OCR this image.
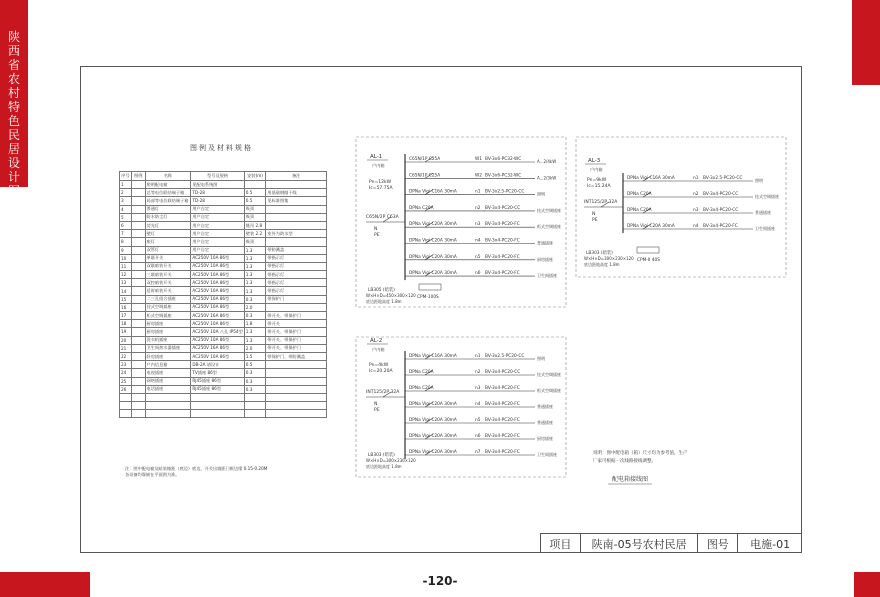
陕西省农村特色民居设计图集
-120-
图例及材料规格
序号	图例	名称	型号及规格	安装(m)	备注
1		照明配电箱	见配电系统图		
2		总等电位联结端子箱	TD-28	0.5	用基础钢做干线
3		局部等电位联结端子箱	TD-28	0.5	见标准图集
4		普通灯	用户自定	吸顶	
5		防水防尘灯	用户自定	吸顶	
6		荧光灯	用户自定	链吊 2.8	
7		壁灯	用户自定	壁装 2.2	室外为防水型
8		座灯	用户自定	吸顶	
9		双管灯	用户自定	1.3	带防溅盖
10		单联开关	AC250V 10A 86型	1.3	带指示灯
11		双联暗装开关	AC250V 10A 86型	1.3	带指示灯
12		三联暗装开关	AC250V 10A 86型	1.3	带指示灯
13		双控暗装开关	AC250V 10A 86型	1.3	带指示灯
14		延时暗装开关	AC250V 10A 86型	1.3	带指示灯
15		二三孔组合插座	AC250V 10A 86型	0.3	带保护门
16		挂式空调插座	AC250V 10A 86型	2.0	
17		柜式空调插座	AC250V 16A 86型	0.3	带开关、带保护门
18		厨房插座	AC250V 10A 86型	1.8	带开关
19		厨房插座	AC250V 10A 八孔 IP54型	1.3	带开关、带保护门
20		洗衣机插座	AC250V 10A 86型	1.3	带开关、带保护门
21		卫生间热水器插座	AC250V 16A 86型	2.0	带开关、带保护门
22		卧房插座	AC250V 10A 86型	1.5	带保护门、带防溅盖
23		户内信息箱	DB-2A 请设计	0.5	
24		电视插座	TV插座 86型	0.3	
25		网络插座	RJ45插座 86型	0.3	
26		电话插座	RJ45插座 86型	0.3	

注：图中配电箱及暗装箱距（底边）底边，开关出墙距门框边缘 0.15-0.20M
各设备均靠嵌在平面图为准。
AL-1
户内箱
Pn=12kW
Ic=57.75A
C65N/2P C63A
N
PE
C65N/1P C25A	W1 BV-3x6-PC32-WC	A...2/4kW
C65N/1P C25A	W2 BV-3x6-PC32-WC	A...2/3kW
DPNa Vigi C16A 30mA	n1 BV-3x2.5-PC20-CC	照明
DPNa C20A	n2 BV-3x4-PC20-CC	挂式空调插座
DPNa Vigi C20A 30mA	n3 BV-3x4-PC20-FC	柜式空调插座
DPNa Vigi C20A 30mA	n4 BV-3x4-PC20-FC	普通插座
DPNa Vigi C20A 30mA	n5 BV-3x4-PC20-FC	厨房插座
DPNa Vigi C20A 30mA	n6 BV-3x4-PC20-FC	卫生间插座
LB305 (暗装)
W×H×D=450×300×120
底边距地高度 1.8m
CPM-100S
AL-2
户内箱
Pn=4kW
Ic=20.20A
INT125/2P 32A
N
PE
DPNa Vigi C16A 30mA	n1 BV-3x2.5-PC20-CC	照明
DPNa C20A	n2 BV-3x4-PC20-CC	挂式空调插座
DPNa C20A	n3 BV-3x4-PC20-FC	柜式空调插座
DPNa Vigi C20A 30mA	n4 BV-3x4-PC20-FC	普通插座
DPNa Vigi C20A 30mA	n5 BV-3x4-PC20-FC	普通插座
DPNa Vigi C20A 30mA	n6 BV-3x4-PC20-FC	厨房插座
DPNa Vigi C20A 30mA	n7 BV-3x4-PC20-FC	卫生间插座
LB303 (暗装)
W×H×D=300×230×120
底边距地高度 1.8m
AL-3
户内箱
Pn=9kW
Ic=15.24A
INT125/2P 32A
N
PE
DPNa Vigi C16A 30mA	n1 BV-3x2.5-PC20-CC	照明
DPNa C20A	n2 BV-3x4-PC20-CC	挂式空调插座
DPNa C20A	n3 BV-3x4-PC20-CC	普通插座
DPNa Vigi C20A 30mA	n4 BV-3x4-PC20-FC	卫生间插座
LB303 (暗装)
W×H×D=300×230×120
底边距地高度 1.8m
CPM-II 40S
说明：图中配电箱（箱）尺寸均为参考值，生产
厂家可根据一次线路接线调整。
配电箱接线图
项目	陕南-05号农村民居	图号	电施-01
